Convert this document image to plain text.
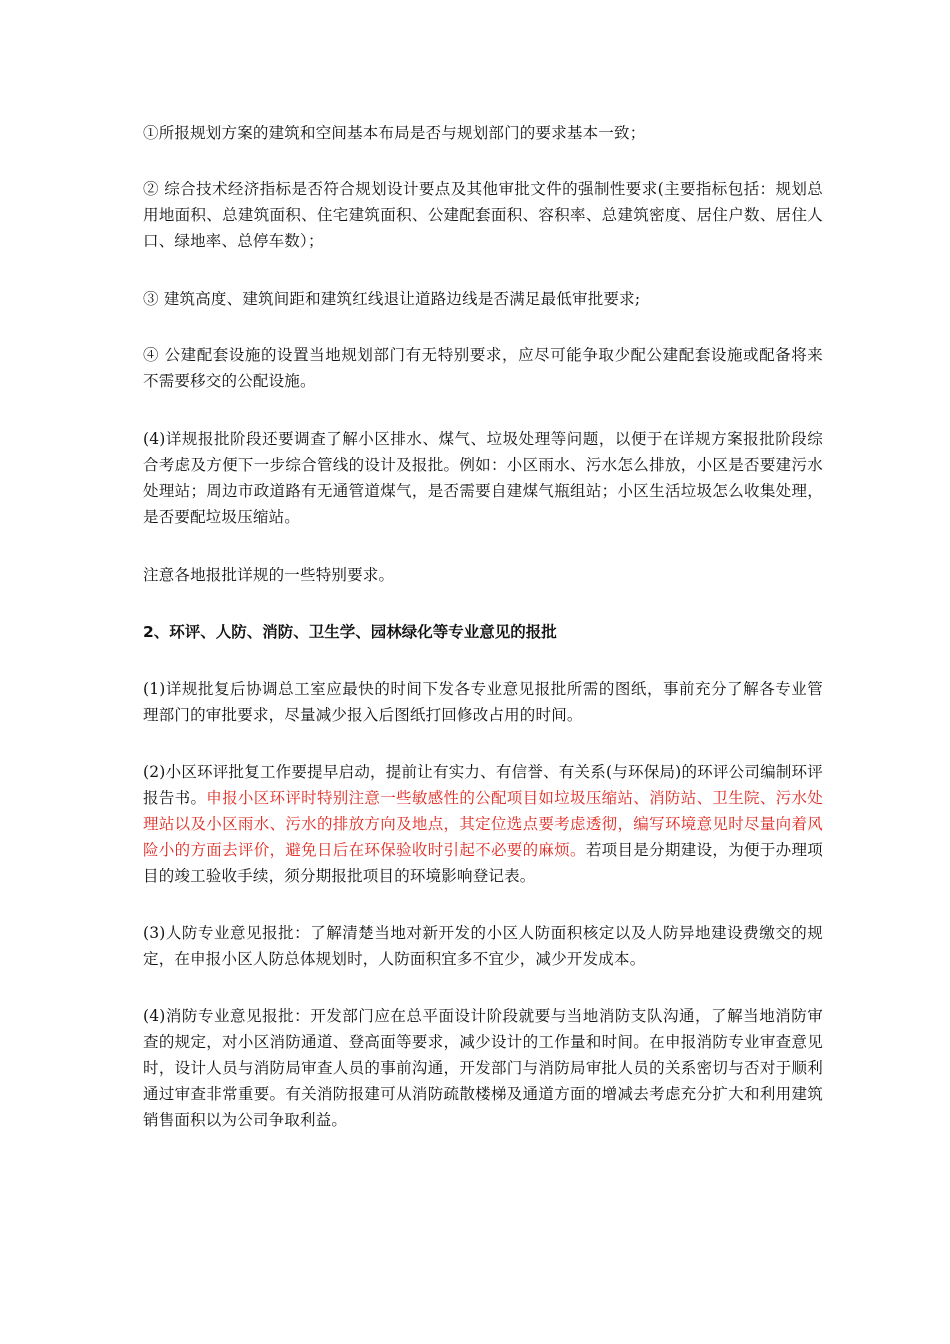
①所报规划方案的建筑和空间基本布局是否与规划部门的要求基本一致；

② 综合技术经济指标是否符合规划设计要点及其他审批文件的强制性要求(主要指标包括：规划总用地面积、总建筑面积、住宅建筑面积、公建配套面积、容积率、总建筑密度、居住户数、居住人口、绿地率、总停车数）；

③ 建筑高度、建筑间距和建筑红线退让道路边线是否满足最低审批要求;

④ 公建配套设施的设置当地规划部门有无特别要求，应尽可能争取少配公建配套设施或配备将来不需要移交的公配设施。

(4)详规报批阶段还要调查了解小区排水、煤气、垃圾处理等问题，以便于在详规方案报批阶段综合考虑及方便下一步综合管线的设计及报批。例如：小区雨水、污水怎么排放，小区是否要建污水处理站；周边市政道路有无通管道煤气，是否需要自建煤气瓶组站；小区生活垃圾怎么收集处理，是否要配垃圾压缩站。

注意各地报批详规的一些特别要求。

2、环评、人防、消防、卫生学、园林绿化等专业意见的报批

(1)详规批复后协调总工室应最快的时间下发各专业意见报批所需的图纸，事前充分了解各专业管理部门的审批要求，尽量减少报入后图纸打回修改占用的时间。

(2)小区环评批复工作要提早启动，提前让有实力、有信誉、有关系(与环保局)的环评公司编制环评报告书。申报小区环评时特别注意一些敏感性的公配项目如垃圾压缩站、消防站、卫生院、污水处理站以及小区雨水、污水的排放方向及地点，其定位选点要考虑透彻，编写环境意见时尽量向着风险小的方面去评价，避免日后在环保验收时引起不必要的麻烦。若项目是分期建设，为便于办理项目的竣工验收手续，须分期报批项目的环境影响登记表。

(3)人防专业意见报批：了解清楚当地对新开发的小区人防面积核定以及人防异地建设费缴交的规定，在申报小区人防总体规划时，人防面积宜多不宜少，减少开发成本。

(4)消防专业意见报批：开发部门应在总平面设计阶段就要与当地消防支队沟通，了解当地消防审查的规定，对小区消防通道、登高面等要求，减少设计的工作量和时间。在申报消防专业审查意见时，设计人员与消防局审查人员的事前沟通，开发部门与消防局审批人员的关系密切与否对于顺利通过审查非常重要。有关消防报建可从消防疏散楼梯及通道方面的增减去考虑充分扩大和利用建筑销售面积以为公司争取利益。
